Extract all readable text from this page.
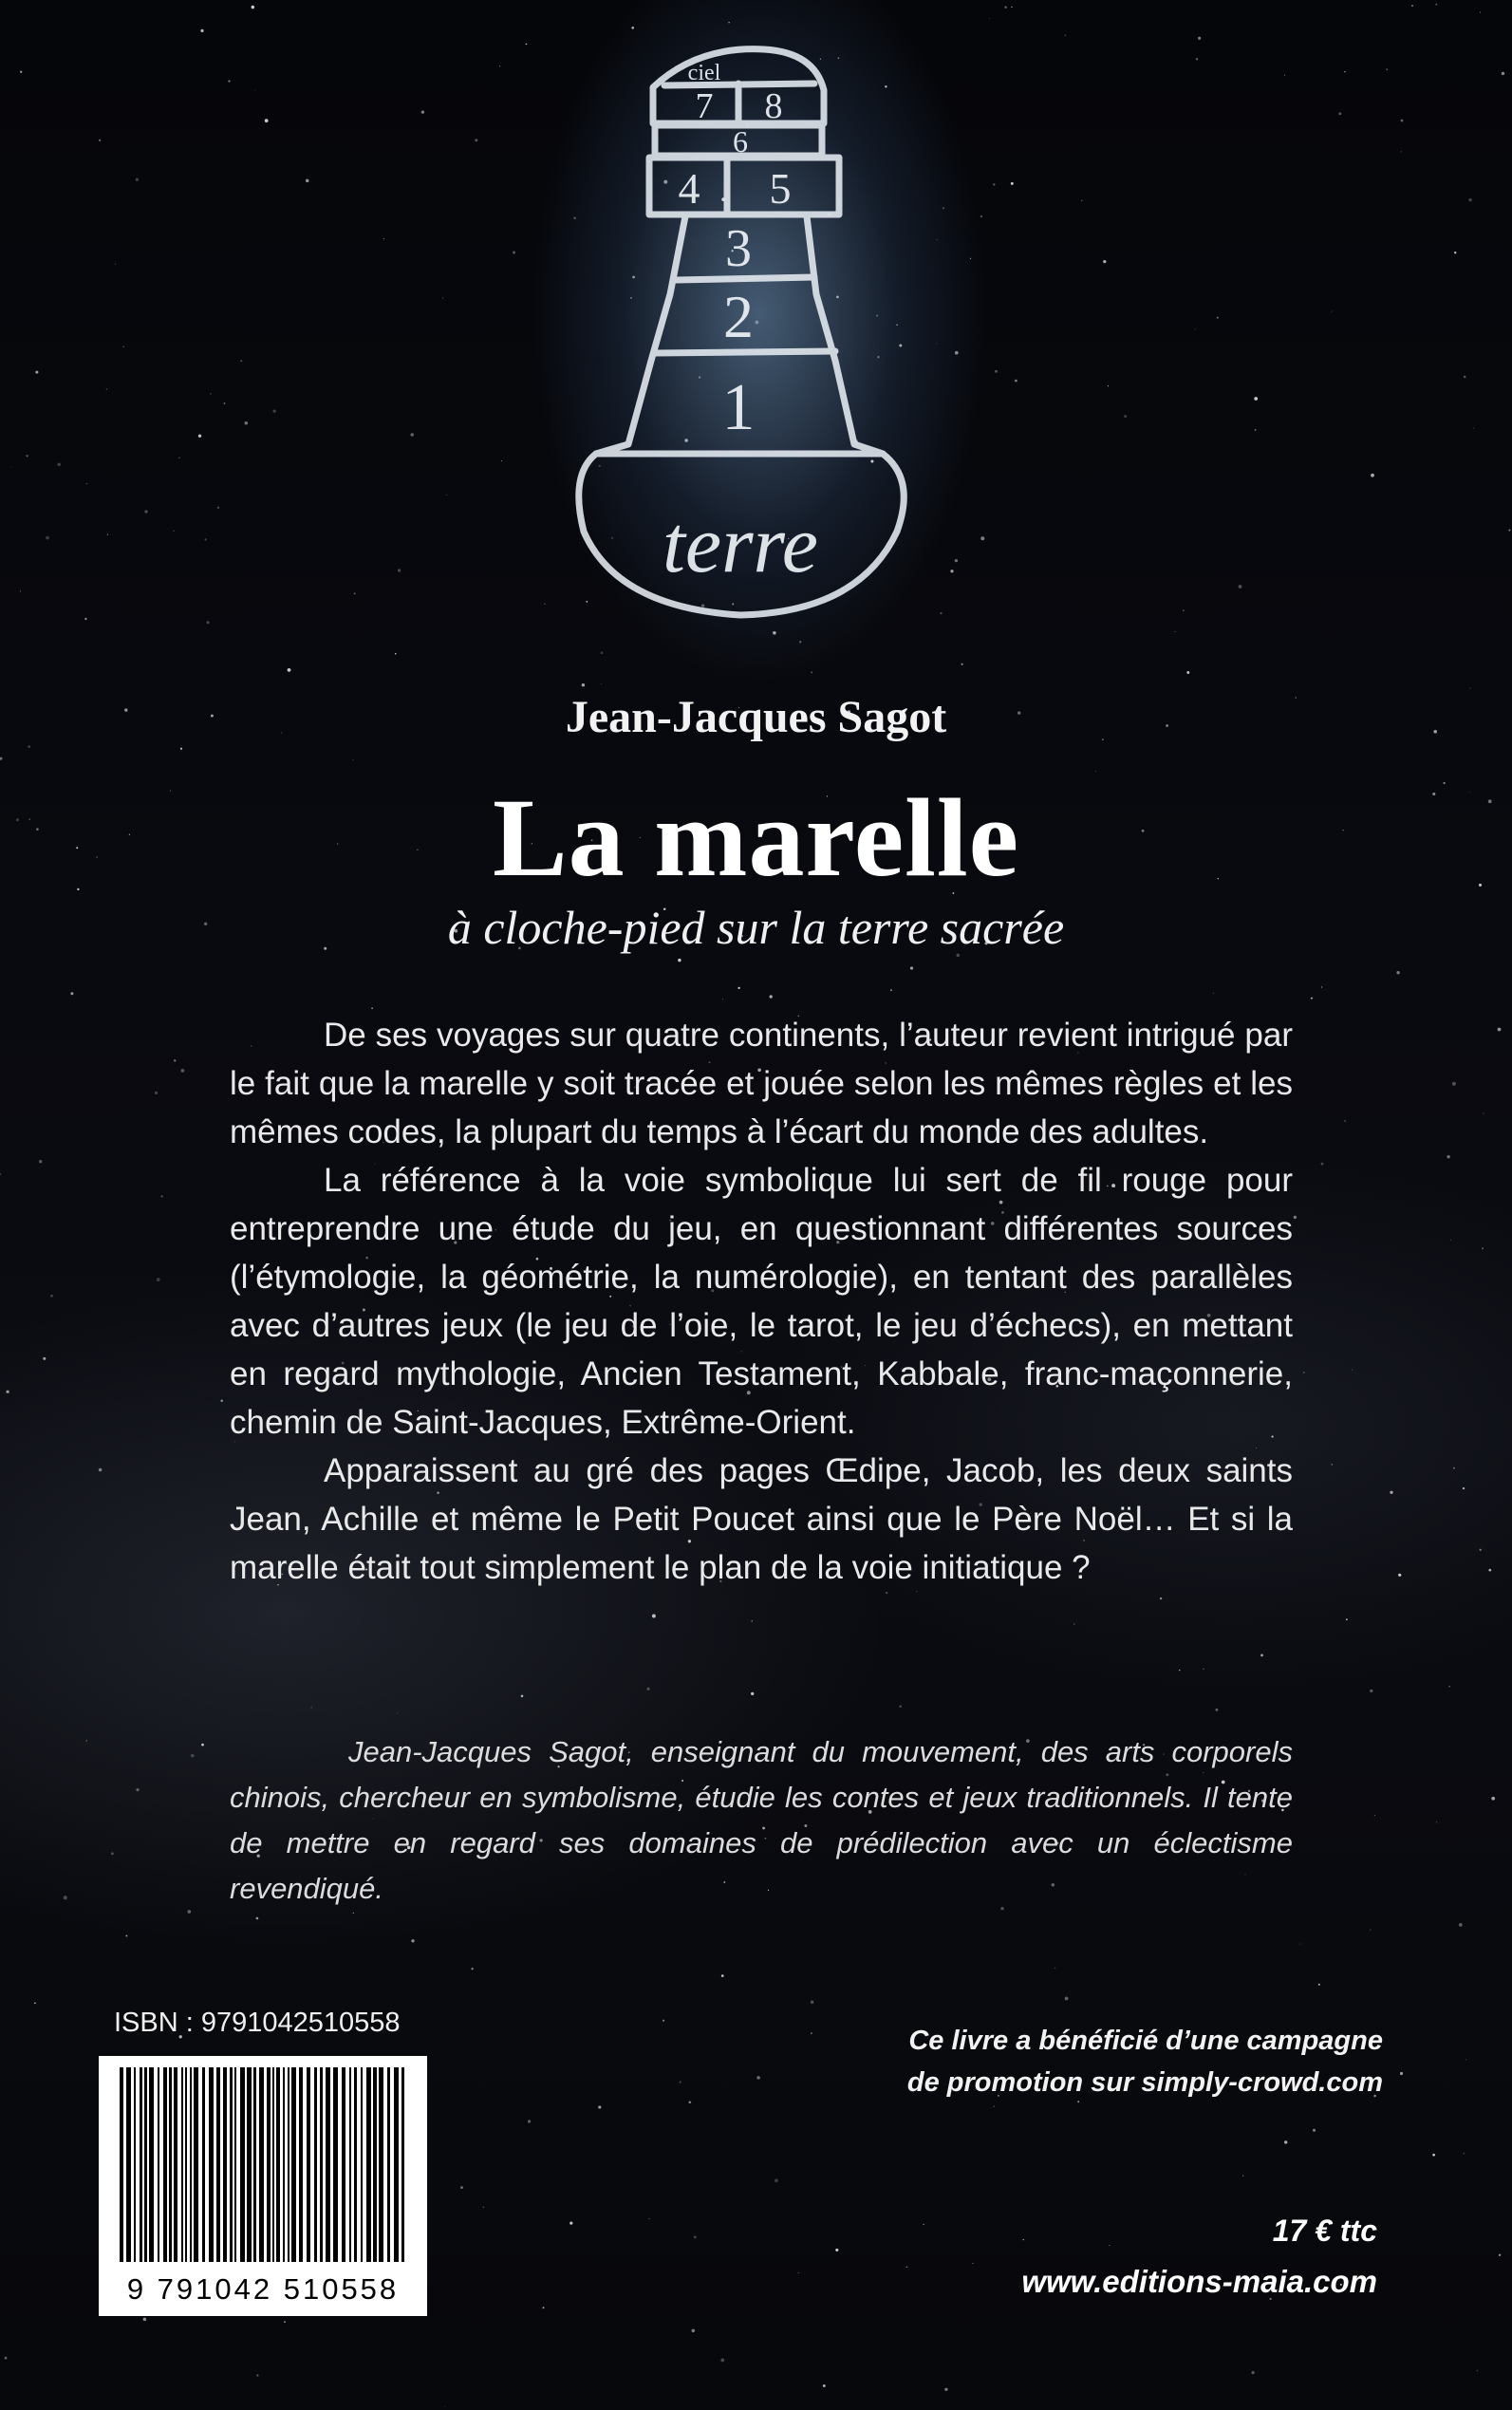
ciel
7 8
6
4 5
3
2
1
terre
Jean-Jacques Sagot
La marelle
à cloche-pied sur la terre sacrée

De ses voyages sur quatre continents, l’auteur revient intrigué par le fait que la marelle y soit tracée et jouée selon les mêmes règles et les mêmes codes, la plupart du temps à l’écart du monde des adultes.

La référence à la voie symbolique lui sert de fil rouge pour entreprendre une étude du jeu, en questionnant différentes sources (l’étymologie, la géométrie, la numérologie), en tentant des parallèles avec d’autres jeux (le jeu de l’oie, le tarot, le jeu d’échecs), en mettant en regard mythologie, Ancien Testament, Kabbale, franc-maçonnerie, chemin de Saint-Jacques, Extrême-Orient.

Apparaissent au gré des pages Œdipe, Jacob, les deux saints Jean, Achille et même le Petit Poucet ainsi que le Père Noël… Et si la marelle était tout simplement le plan de la voie initiatique ?

Jean-Jacques Sagot, enseignant du mouvement, des arts corporels chinois, chercheur en symbolisme, étudie les contes et jeux traditionnels. Il tente de mettre en regard ses domaines de prédilection avec un éclectisme revendiqué.

ISBN : 9791042510558
9 791042 510558
Ce livre a bénéficié d’une campagne
de promotion sur simply-crowd.com
17 € ttc
www.editions-maia.com
